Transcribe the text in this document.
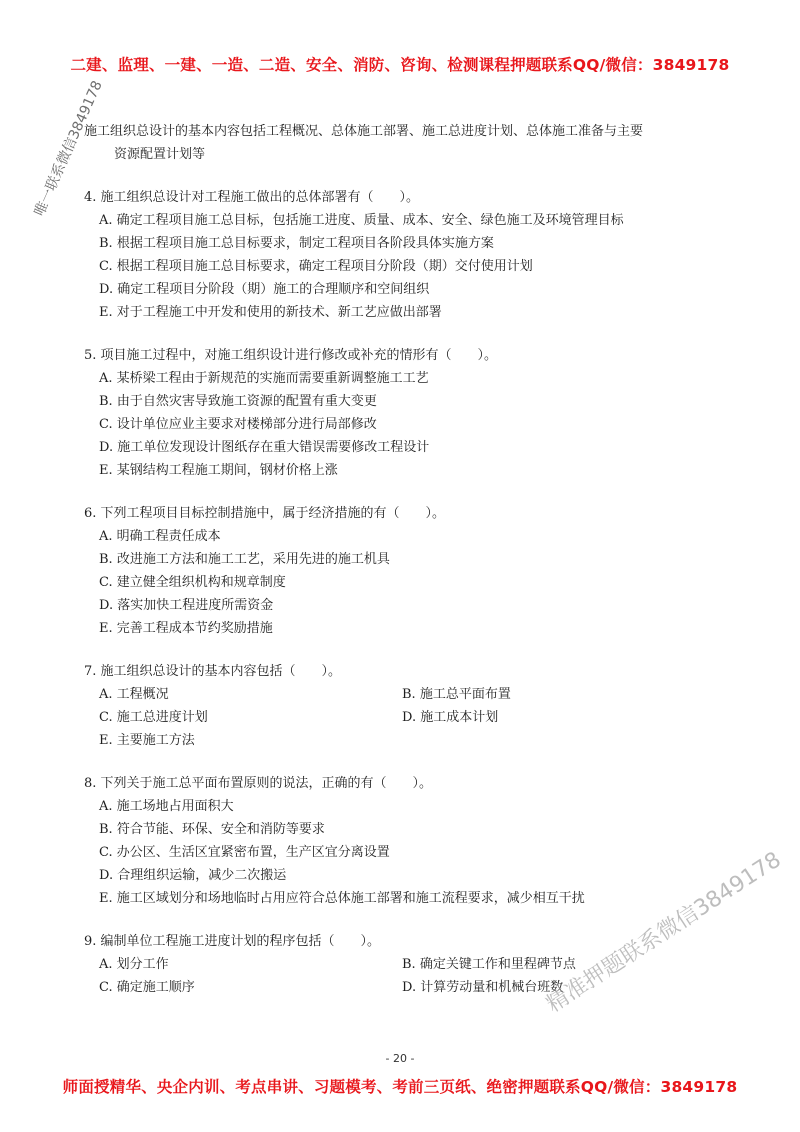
二建、监理、一建、一造、二造、安全、消防、咨询、检测课程押题联系QQ/微信：3849178
唯一联系微信3849178
施工组织总设计的基本内容包括工程概况、总体施工部署、施工总进度计划、总体施工准备与主要
资源配置计划等
4. 施工组织总设计对工程施工做出的总体部署有（　　）。
A. 确定工程项目施工总目标，包括施工进度、质量、成本、安全、绿色施工及环境管理目标
B. 根据工程项目施工总目标要求，制定工程项目各阶段具体实施方案
C. 根据工程项目施工总目标要求，确定工程项目分阶段（期）交付使用计划
D. 确定工程项目分阶段（期）施工的合理顺序和空间组织
E. 对于工程施工中开发和使用的新技术、新工艺应做出部署
5. 项目施工过程中，对施工组织设计进行修改或补充的情形有（　　）。
A. 某桥梁工程由于新规范的实施而需要重新调整施工工艺
B. 由于自然灾害导致施工资源的配置有重大变更
C. 设计单位应业主要求对楼梯部分进行局部修改
D. 施工单位发现设计图纸存在重大错误需要修改工程设计
E. 某钢结构工程施工期间，钢材价格上涨
6. 下列工程项目目标控制措施中，属于经济措施的有（　　）。
A. 明确工程责任成本
B. 改进施工方法和施工工艺，采用先进的施工机具
C. 建立健全组织机构和规章制度
D. 落实加快工程进度所需资金
E. 完善工程成本节约奖励措施
7. 施工组织总设计的基本内容包括（　　）。
A. 工程概况	B. 施工总平面布置
C. 施工总进度计划	D. 施工成本计划
E. 主要施工方法
8. 下列关于施工总平面布置原则的说法，正确的有（　　）。
A. 施工场地占用面积大
B. 符合节能、环保、安全和消防等要求
C. 办公区、生活区宜紧密布置，生产区宜分离设置
D. 合理组织运输，减少二次搬运
E. 施工区域划分和场地临时占用应符合总体施工部署和施工流程要求，减少相互干扰
9. 编制单位工程施工进度计划的程序包括（　　）。
A. 划分工作	B. 确定关键工作和里程碑节点
C. 确定施工顺序	D. 计算劳动量和机械台班数
精准押题联系微信3849178
- 20 -
师面授精华、央企内训、考点串讲、习题模考、考前三页纸、绝密押题联系QQ/微信：3849178
